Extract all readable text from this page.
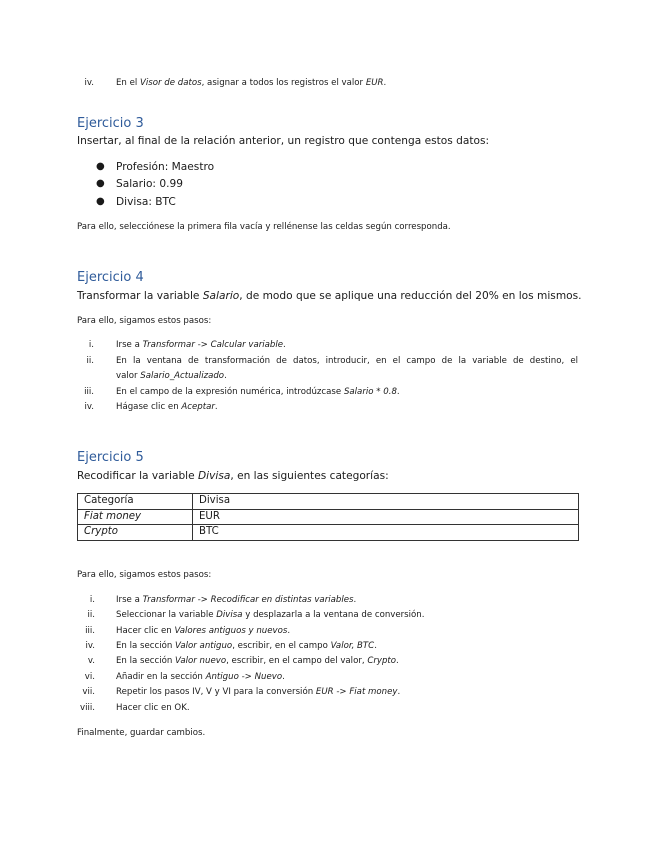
iv.	En el Visor de datos, asignar a todos los registros el valor EUR.
Ejercicio 3
Insertar, al final de la relación anterior, un registro que contenga estos datos:
● Profesión: Maestro
● Salario: 0.99
● Divisa: BTC
Para ello, selecciónese la primera fila vacía y rellénense las celdas según corresponda.
Ejercicio 4
Transformar la variable Salario, de modo que se aplique una reducción del 20% en los mismos.
Para ello, sigamos estos pasos:
i.	Irse a Transformar -> Calcular variable.
ii.	En la ventana de transformación de datos, introducir, en el campo de la variable de destino, el
valor Salario_Actualizado.
iii.	En el campo de la expresión numérica, introdúzcase Salario * 0.8.
iv.	Hágase clic en Aceptar.
Ejercicio 5
Recodificar la variable Divisa, en las siguientes categorías:
Categoría	Divisa
Fiat money	EUR
Crypto	BTC
Para ello, sigamos estos pasos:
i. Irse a Transformar -> Recodificar en distintas variables.
ii. Seleccionar la variable Divisa y desplazarla a la ventana de conversión.
iii. Hacer clic en Valores antiguos y nuevos.
iv. En la sección Valor antiguo, escribir, en el campo Valor, BTC.
v. En la sección Valor nuevo, escribir, en el campo del valor, Crypto.
vi. Añadir en la sección Antiguo -> Nuevo.
vii. Repetir los pasos IV, V y VI para la conversión EUR -> Fiat money.
viii. Hacer clic en OK.
Finalmente, guardar cambios.
